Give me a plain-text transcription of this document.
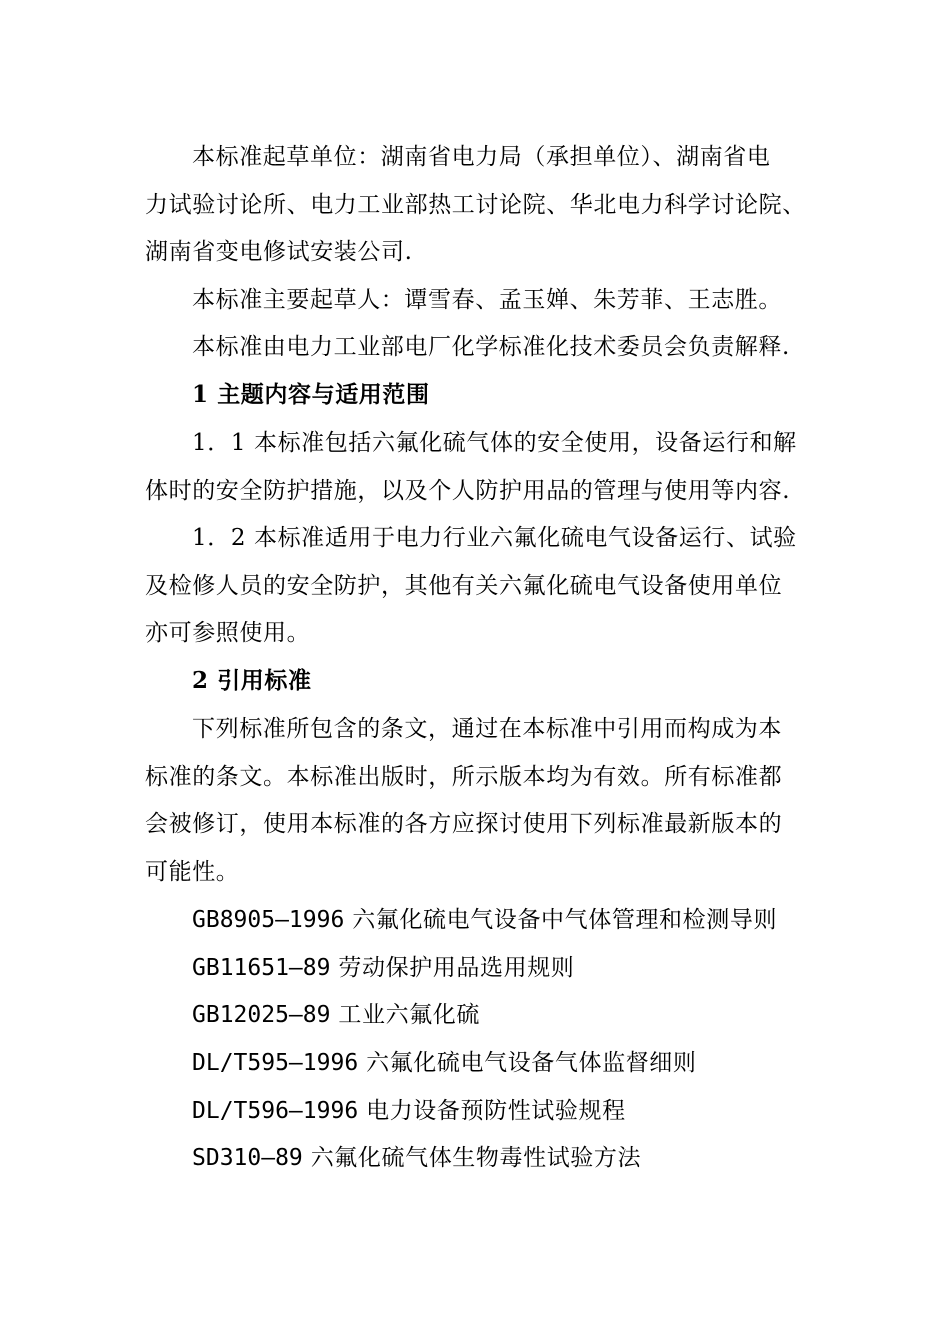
本标准起草单位：湖南省电力局（承担单位）、湖南省电
力试验讨论所、电力工业部热工讨论院、华北电力科学讨论院、
湖南省变电修试安装公司.
本标准主要起草人：谭雪春、孟玉婵、朱芳菲、王志胜。
本标准由电力工业部电厂化学标准化技术委员会负责解释.
1 主题内容与适用范围
1．1 本标准包括六氟化硫气体的安全使用，设备运行和解
体时的安全防护措施，以及个人防护用品的管理与使用等内容.
1．2 本标准适用于电力行业六氟化硫电气设备运行、试验
及检修人员的安全防护，其他有关六氟化硫电气设备使用单位
亦可参照使用。
2 引用标准
下列标准所包含的条文，通过在本标准中引用而构成为本
标准的条文。本标准出版时，所示版本均为有效。所有标准都
会被修订，使用本标准的各方应探讨使用下列标准最新版本的
可能性。
GB8905—1996 六氟化硫电气设备中气体管理和检测导则
GB11651—89 劳动保护用品选用规则
GB12025—89 工业六氟化硫
DL/T595—1996 六氟化硫电气设备气体监督细则
DL/T596—1996 电力设备预防性试验规程
SD310—89 六氟化硫气体生物毒性试验方法
